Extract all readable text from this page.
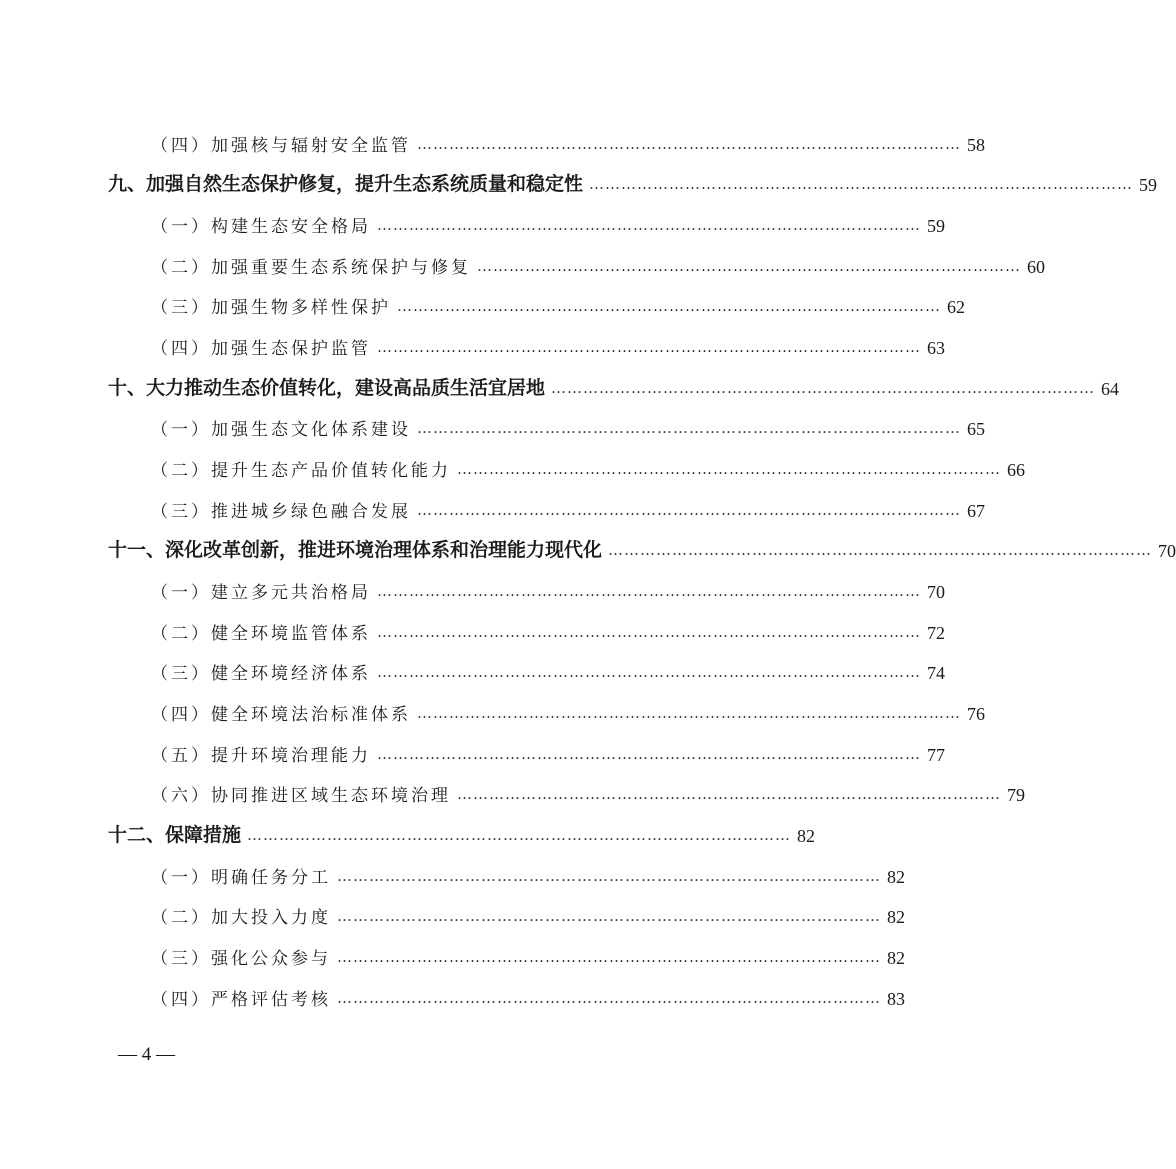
（四）加强核与辐射安全监管 ………………………………………………………………………………………… 58
九、加强自然生态保护修复，提升生态系统质量和稳定性 ………………………………………………………………………………………… 59
（一）构建生态安全格局 ………………………………………………………………………………………… 59
（二）加强重要生态系统保护与修复 ………………………………………………………………………………………… 60
（三）加强生物多样性保护 ………………………………………………………………………………………… 62
（四）加强生态保护监管 ………………………………………………………………………………………… 63
十、大力推动生态价值转化，建设高品质生活宜居地 ………………………………………………………………………………………… 64
（一）加强生态文化体系建设 ………………………………………………………………………………………… 65
（二）提升生态产品价值转化能力 ………………………………………………………………………………………… 66
（三）推进城乡绿色融合发展 ………………………………………………………………………………………… 67
十一、深化改革创新，推进环境治理体系和治理能力现代化 ………………………………………………………………………………………… 70
（一）建立多元共治格局 ………………………………………………………………………………………… 70
（二）健全环境监管体系 ………………………………………………………………………………………… 72
（三）健全环境经济体系 ………………………………………………………………………………………… 74
（四）健全环境法治标准体系 ………………………………………………………………………………………… 76
（五）提升环境治理能力 ………………………………………………………………………………………… 77
（六）协同推进区域生态环境治理 ………………………………………………………………………………………… 79
十二、保障措施 ………………………………………………………………………………………… 82
（一）明确任务分工 ………………………………………………………………………………………… 82
（二）加大投入力度 ………………………………………………………………………………………… 82
（三）强化公众参与 ………………………………………………………………………………………… 82
（四）严格评估考核 ………………………………………………………………………………………… 83
— 4 —
